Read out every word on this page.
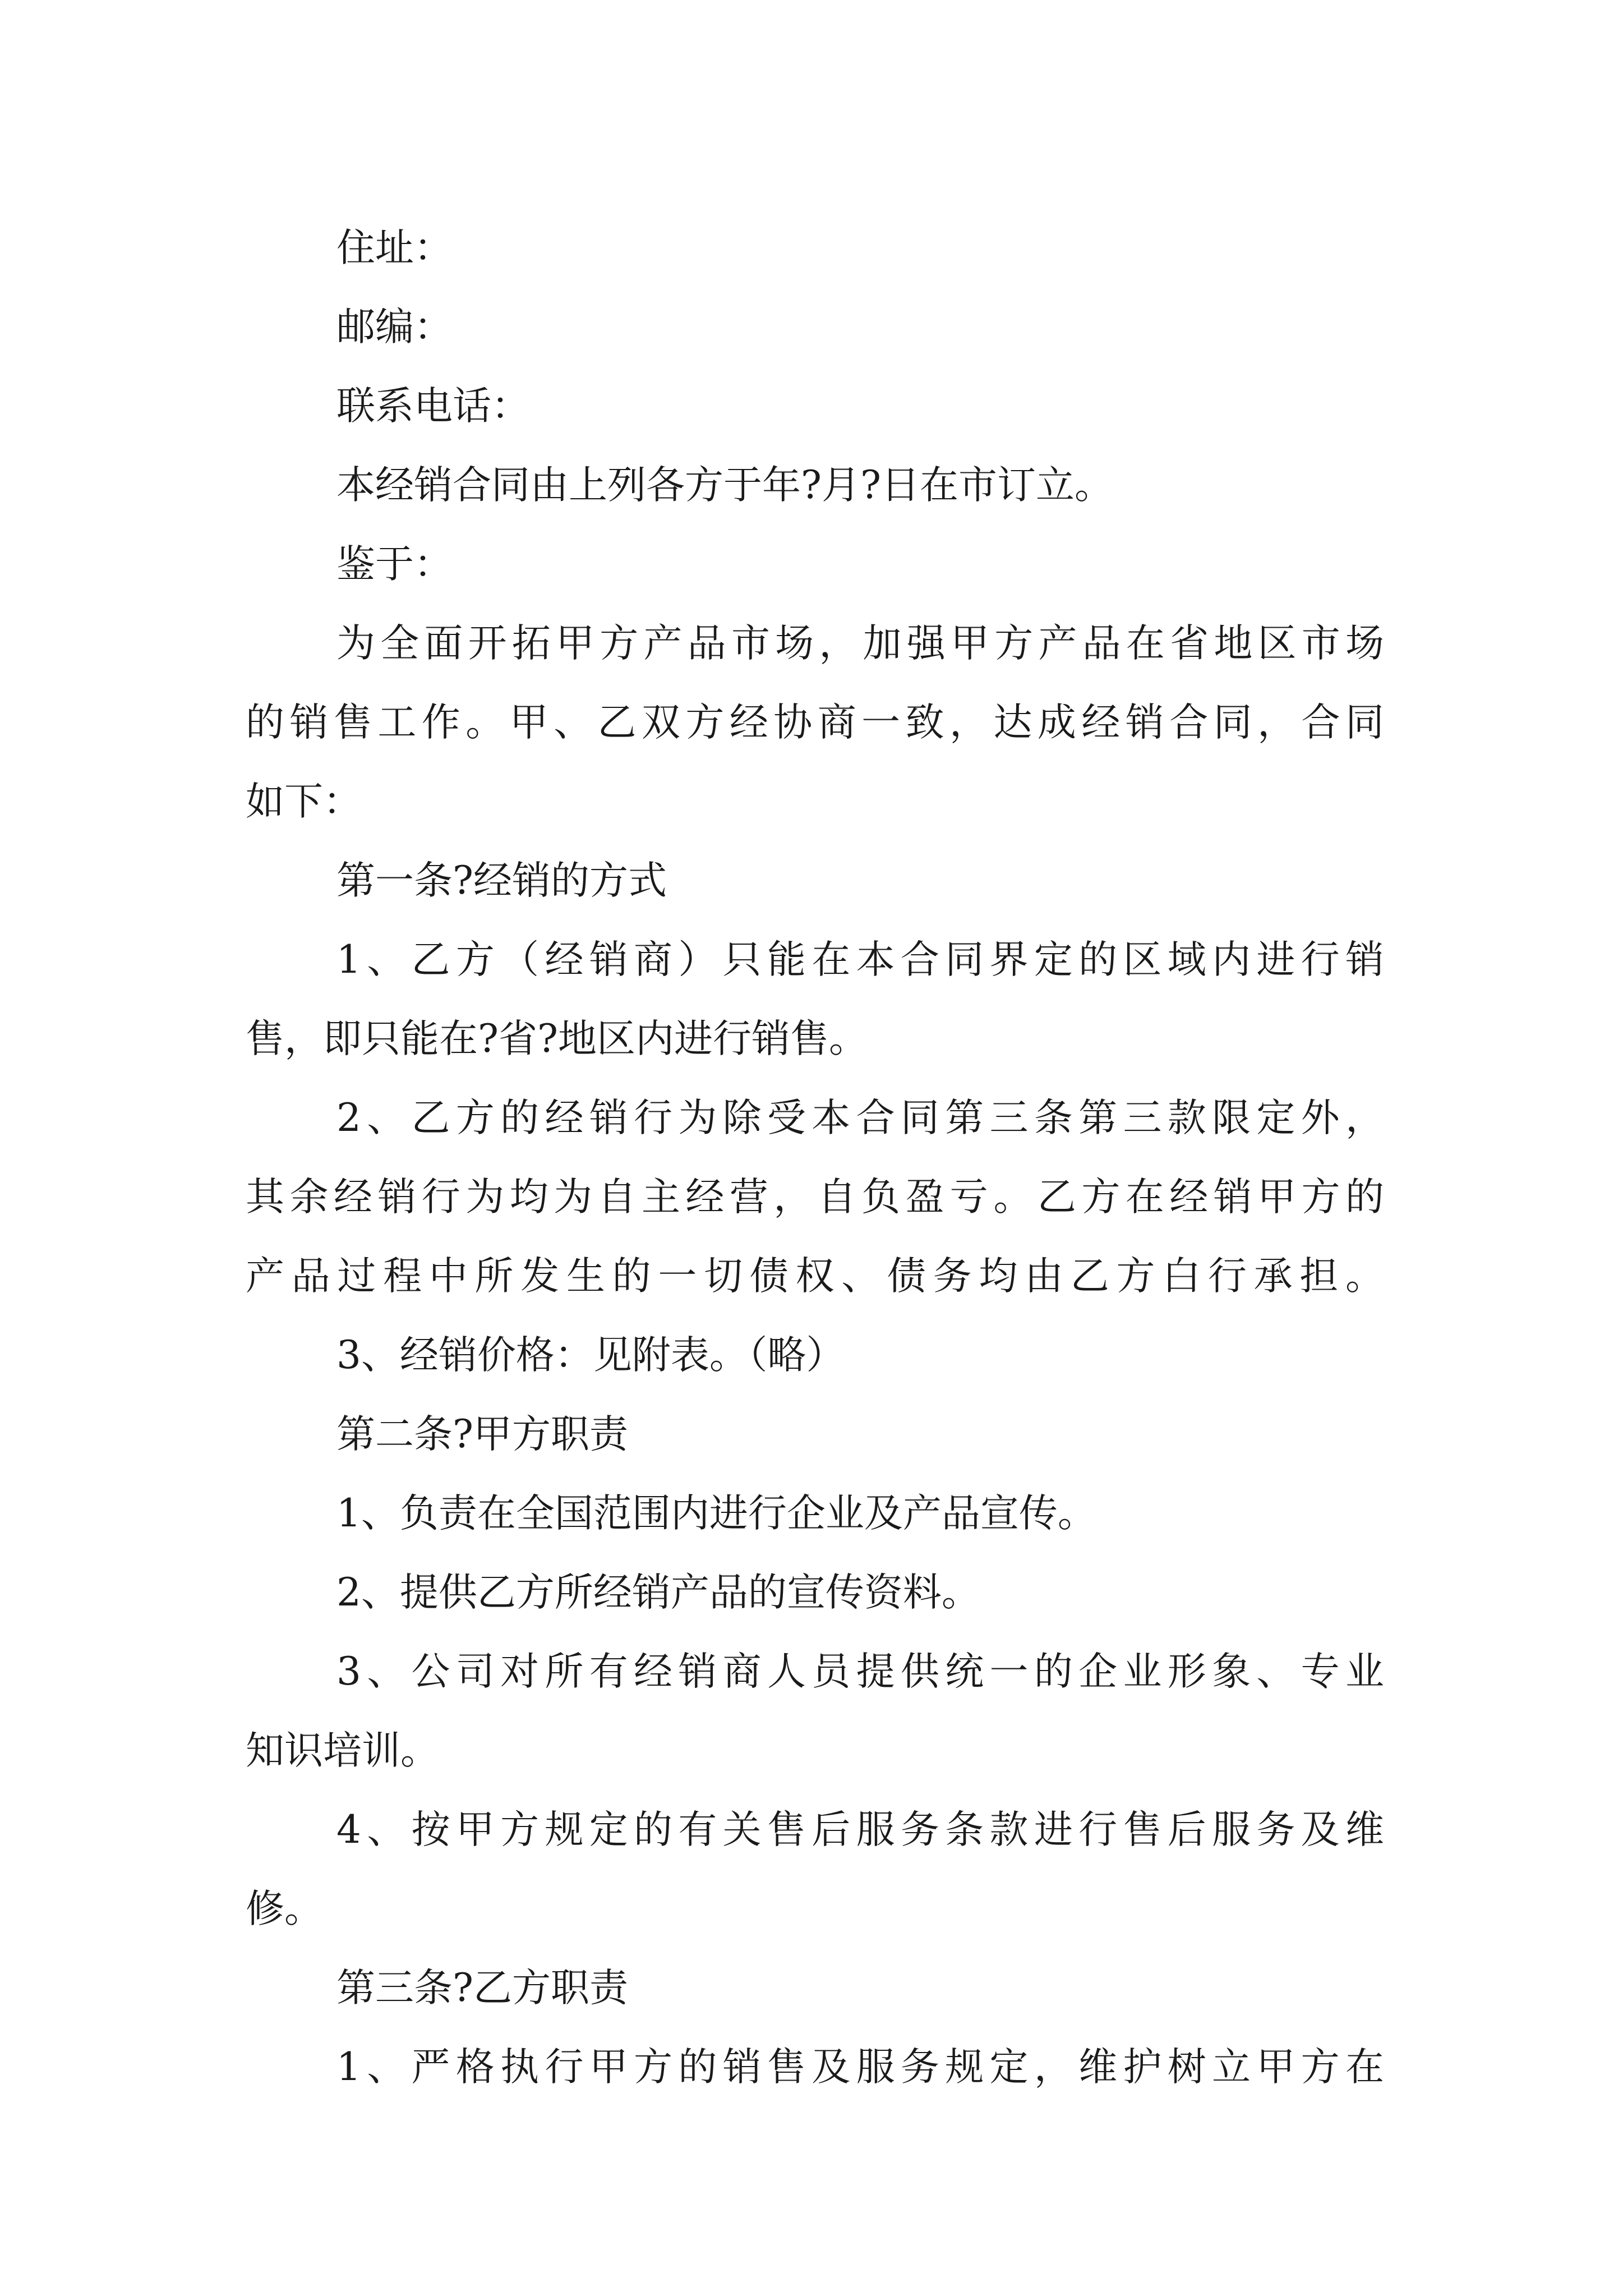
住址：
邮编：
联系电话：
本经销合同由上列各方于年?月?日在市订立。
鉴于：
为全面开拓甲方产品市场，加强甲方产品在省地区市场
的销售工作。甲、乙双方经协商一致，达成经销合同，合同
如下：
第一条?经销的方式
1、乙方（经销商）只能在本合同界定的区域内进行销
售，即只能在?省?地区内进行销售。
2、乙方的经销行为除受本合同第三条第三款限定外，
其余经销行为均为自主经营，自负盈亏。乙方在经销甲方的
产品过程中所发生的一切债权、债务均由乙方白行承担。
3、经销价格：见附表。（略）
第二条?甲方职责
1、负责在全国范围内进行企业及产品宣传。
2、提供乙方所经销产品的宣传资料。
3、公司对所有经销商人员提供统一的企业形象、专业
知识培训。
4、按甲方规定的有关售后服务条款进行售后服务及维
修。
第三条?乙方职责
1、严格执行甲方的销售及服务规定，维护树立甲方在
